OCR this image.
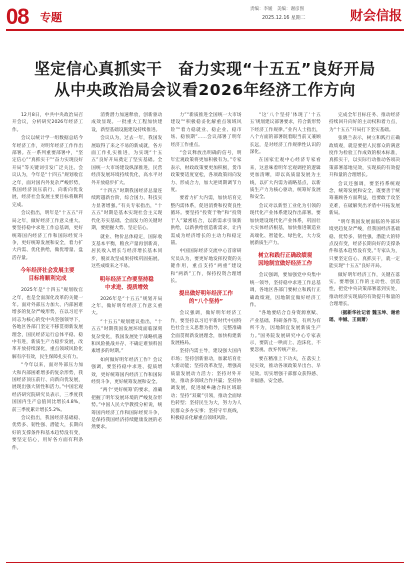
08 专题
责编：李媛　美编：谢彦图
2025.12.16 星期二	财会信报
坚定信心真抓实干　奋力实现“十五五”良好开局
从中央政治局会议看2026年经济工作方向

12月8日，中共中央政治局召开会议，分析研究2026年经济工作。

会议以统计学一组数据总结今年经济工作，对明年经济工作作出部署。在一系列重要部署中，“坚定信心”“真抓实干”“奋力实现良好开局”等关键词引发广泛关注。会议认为，今年是“十四五”规划收官之年，面对国内外复杂严峻形势，我国经济顶压前行、向新向优发展，经济社会发展主要目标将顺利完成。

会议指出，明年是“十五五”开局之年，做好经济工作意义重大。要坚持稳中求进工作总基调，更好统筹国内经济工作和国际经贸斗争，更好统筹发展和安全，着力扩大内需、优化供给，做优增量、盘活存量。

今年经济社会发展主要
目标将顺利完成

2025年是“十四五”规划收官之年，也是全面深化改革的关键一年。面对外部压力加大、内部困难增多的复杂严峻形势，在以习近平同志为核心的党中央坚强领导下，各地区各部门坚定不移贯彻新发展理念，国民经济运行总体平稳、稳中有进，新质生产力稳步发展，改革开放持续深化，重点领域风险化解有序有效，民生保障扎实有力。

“今年以来，面对外部压力加大和内部困难增多的复杂形势，我国经济顶压前行、向新向优发展，展现出强大韧性和活力。”中国宏观经济研究院研究员表示，三季度我国国内生产总值同比增长4.8%，前三季度累计增长5.2%。

会议指出，我国经济基础稳、优势多、韧性强、潜能大，长期向好的支撑条件和基本趋势没有变，要坚定信心，用好各方面有利条件。

消费潜力加速释放，创新驱动成效显现。一批重大工程加快建设，新型基础设施建设持续推进。

会议认为，过去一年，我国发展取得了来之不易的新成就，各方面工作扎实推进，为实现“十五五”良好开局奠定了坚实基础。全国统一大市场建设纵深推进，民营经济发展环境持续优化，高水平对外开放稳步扩大。

“十四五”时期我国经济总量连续跨越新台阶，综合国力、科技实力显著增强。”有关专家指出，“十五五”时期是基本实现社会主义现代化夯实基础、全面发力的关键时期，要把握大势、坚定信心。

就业、物价总体稳定，国际收支基本平衡，粮食产量再创新高，居民收入增长与经济增长基本同步，脱贫攻坚成果持续巩固拓展。这些成绩来之不易。

明年经济工作要坚持稳
中求进、提质增效

2026年是“十五五”规划开局之年。做好明年经济工作意义重大。

“十五五”规划建议指出，“十五五”时期我国发展环境面临深刻复杂变化，我国发展处于战略机遇和风险挑战并存、不确定难预料因素增多的时期。”

如何做好明年经济工作？会议强调，要坚持稳中求进、提质增效，更好统筹国内经济工作和国际经贸斗争，更好统筹发展和安全。

“两个‘更好统筹’的要求，准确把握了明年发展环境的严峻复杂形势。”中国人民大学教授分析说，统筹国内经济工作和国际经贸斗争，是保持我国经济持续健康发展的必然要求。

力”“新质推进全国统一大市场建设”“积极稳妥化解重点领域风险”“着力稳就业、稳企业、稳市场、稳预期”……会议部署了明年经济工作重点。

“会议释放出明确的信号，明年宏观政策将更加积极有为。”专家表示，财政政策要更加积极，货币政策要适度宽松，各项政策同向发力、形成合力，加大逆周期调节力度。

要着力扩大内需，加快培育完整内需体系，促进消费和投资良性循环。要坚持“投资于物”和“投资于人”紧密结合，以新需求引领新供给，以新供给创造新需求，让内需成为经济增长的主动力和稳定锚。

中国国际经济交流中心首席研究员认为，要更好地发挥投资的关键作用，重点支持“两重”建设和“两新”工作，保持投资合理增长。

提出做好明年经济工作
的“八个坚持”

会议强调，做好明年经济工作，要坚持以习近平新时代中国特色社会主义思想为指导，完整准确全面贯彻新发展理念，加快构建新发展格局。

坚持内需主导，建设强大国内市场；坚持创新驱动，加紧培育壮大新动能；坚持改革攻坚，增强高质量发展动力活力；坚持对外开放，推动多领域合作共赢；坚持协调发展，促进城乡融合和区域联动；坚持“双碳”引领，推动全面绿色转型；坚持民生为大，努力为人民群众多办实事；坚持守牢底线，积极稳妥化解重点领域风险。

“这‘八个坚持’体现了‘十五五’规划建议部署要求，符合新形势下经济工作规律。”业内人士指出，八个方面的部署既着眼当前又兼顾长远，是对经济工作规律性认识的深化。

在国家宏观中心经济专家看来，这意味着明年宏观调控的逻辑更加清晰，即以高质量发展为主线，以扩大内需为战略基点，以新质生产力为核心驱动，统筹好发展和安全。

会议对以新型工业化为引领的现代化产业体系建设作出部署。要加快建设现代化产业体系，巩固壮大实体经济根基，加快推进制造业高端化、智能化、绿色化，大力发展新质生产力。

树立和践行正确政绩观
因地制宜做好经济工作

会议强调，要加强党中央集中统一领导，坚持稳中求进工作总基调，各地区各部门要树立和践行正确政绩观，因地制宜做好经济工作。

“各地要结合自身资源禀赋、产业基础、科研条件等，有所为有所不为，因地制宜发展新质生产力。”国务院发展研究中心专家表示，要防止一哄而上、泡沫化，不要忽视、放弃传统产业。

要在精准上下功夫，在落实上见实效，推动各项政策早出台、早见效。切实增强干部群众获得感、幸福感、安全感。

完成全年目标任务、推动经济持续回升向好的主动权和着力点，为“十五五”开局打下坚实基础。

张晓兰表示，树立和践行正确政绩观，就是要把人民群众的满意度作为检验工作成效的根本标准，真抓实干，以实际行动推动各项决策部署落地见效，实现质的有效提升和量的合理增长。

会议还强调，要坚持系统观念，统筹发展和安全，既要善于统筹兼顾各方面利益，也要敢于攻坚克难，在破解突出矛盾中开拓发展新局。

“明年我国发展面临的外部环境更趋复杂严峻，但我国经济基础稳、优势多、韧性强、潜能大的特点没有变，经济长期向好的支撑条件和基本趋势没有变。”专家认为，只要坚定信心、真抓实干，就一定能实现“十五五”良好开局。

做好明年经济工作，关键在落实。要增强工作的主动性、创造性，把党中央决策部署落到实处，推动经济实现质的有效提升和量的合理增长。

（据新华社记者 魏玉坤、谢希瑶、申铖、王雨萧）
